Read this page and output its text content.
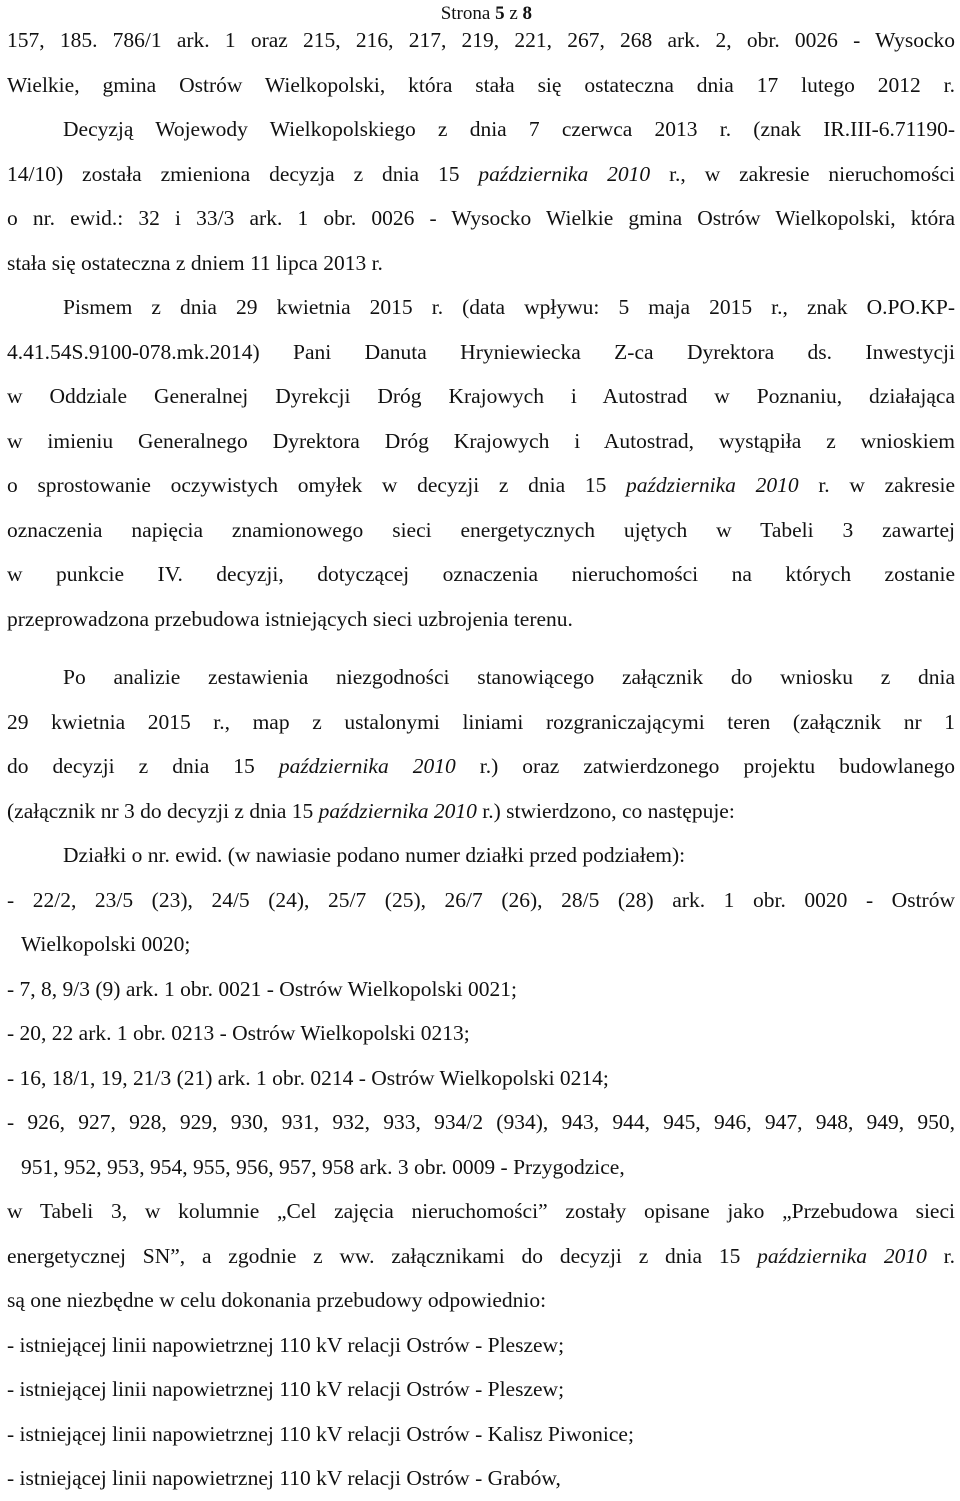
Strona 5 z 8
157, 185. 786/1 ark. 1 oraz 215, 216, 217, 219, 221, 267, 268 ark. 2, obr. 0026 - Wysocko
Wielkie, gmina Ostrów Wielkopolski, która stała się ostateczna dnia 17 lutego 2012 r.
Decyzją Wojewody Wielkopolskiego z dnia 7 czerwca 2013 r. (znak IR.III-6.71190-
14/10) została zmieniona decyzja z dnia 15 października 2010 r., w zakresie nieruchomości
o nr. ewid.: 32 i 33/3 ark. 1 obr. 0026 - Wysocko Wielkie gmina Ostrów Wielkopolski, która
stała się ostateczna z dniem 11 lipca 2013 r.
Pismem z dnia 29 kwietnia 2015 r. (data wpływu: 5 maja 2015 r., znak O.PO.KP-
4.41.54S.9100-078.mk.2014) Pani Danuta Hryniewiecka Z-ca Dyrektora ds. Inwestycji
w Oddziale Generalnej Dyrekcji Dróg Krajowych i Autostrad w Poznaniu, działająca
w imieniu Generalnego Dyrektora Dróg Krajowych i Autostrad, wystąpiła z wnioskiem
o sprostowanie oczywistych omyłek w decyzji z dnia 15 października 2010 r. w zakresie
oznaczenia napięcia znamionowego sieci energetycznych ujętych w Tabeli 3 zawartej
w punkcie IV. decyzji, dotyczącej oznaczenia nieruchomości na których zostanie
przeprowadzona przebudowa istniejących sieci uzbrojenia terenu.
Po analizie zestawienia niezgodności stanowiącego załącznik do wniosku z dnia
29 kwietnia 2015 r., map z ustalonymi liniami rozgraniczającymi teren (załącznik nr 1
do decyzji z dnia 15 października 2010 r.) oraz zatwierdzonego projektu budowlanego
(załącznik nr 3 do decyzji z dnia 15 października 2010 r.) stwierdzono, co następuje:
Działki o nr. ewid. (w nawiasie podano numer działki przed podziałem):
- 22/2, 23/5 (23), 24/5 (24), 25/7 (25), 26/7 (26), 28/5 (28) ark. 1 obr. 0020 - Ostrów
Wielkopolski 0020;
- 7, 8, 9/3 (9) ark. 1 obr. 0021 - Ostrów Wielkopolski 0021;
- 20, 22 ark. 1 obr. 0213 - Ostrów Wielkopolski 0213;
- 16, 18/1, 19, 21/3 (21) ark. 1 obr. 0214 - Ostrów Wielkopolski 0214;
- 926, 927, 928, 929, 930, 931, 932, 933, 934/2 (934), 943, 944, 945, 946, 947, 948, 949, 950,
951, 952, 953, 954, 955, 956, 957, 958 ark. 3 obr. 0009 - Przygodzice,
w Tabeli 3, w kolumnie „Cel zajęcia nieruchomości” zostały opisane jako „Przebudowa sieci
energetycznej SN”, a zgodnie z ww. załącznikami do decyzji z dnia 15 października 2010 r.
są one niezbędne w celu dokonania przebudowy odpowiednio:
- istniejącej linii napowietrznej 110 kV relacji Ostrów - Pleszew;
- istniejącej linii napowietrznej 110 kV relacji Ostrów - Pleszew;
- istniejącej linii napowietrznej 110 kV relacji Ostrów - Kalisz Piwonice;
- istniejącej linii napowietrznej 110 kV relacji Ostrów - Grabów,
